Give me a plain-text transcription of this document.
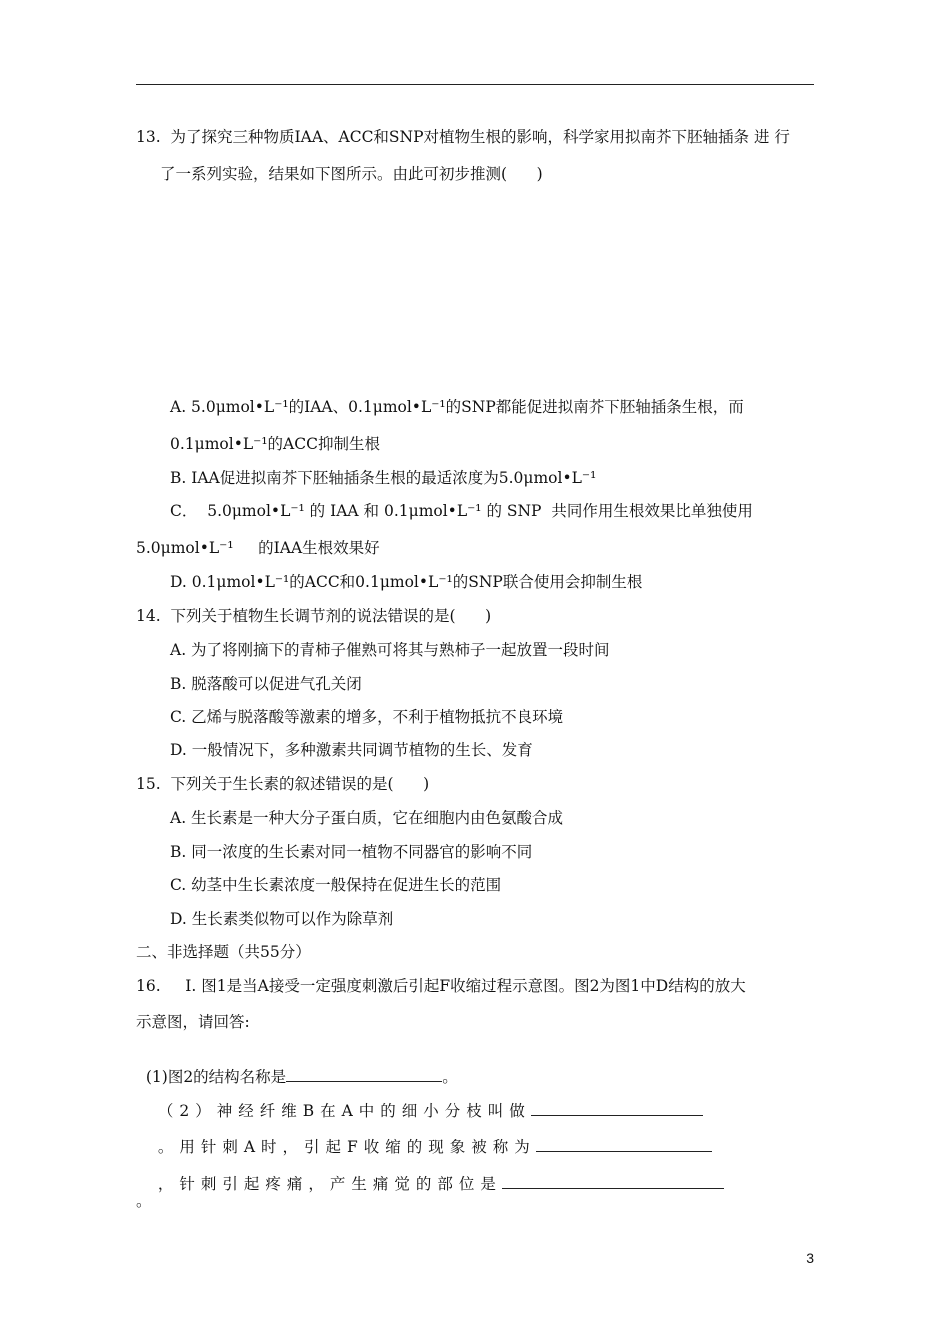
13.  为了探究三种物质IAA、ACC和SNP对植物生根的影响，科学家用拟南芥下胚轴插条 进 行
了一系列实验，结果如下图所示。由此可初步推测(      )
A. 5.0μmol•L⁻¹的IAA、0.1μmol•L⁻¹的SNP都能促进拟南芥下胚轴插条生根，而
0.1μmol•L⁻¹的ACC抑制生根
B. IAA促进拟南芥下胚轴插条生根的最适浓度为5.0μmol•L⁻¹
C．  5.0μmol•L⁻¹ 的 IAA 和 0.1μmol•L⁻¹ 的 SNP  共同作用生根效果比单独使用
5.0μmol•L⁻¹     的IAA生根效果好
D. 0.1μmol•L⁻¹的ACC和0.1μmol•L⁻¹的SNP联合使用会抑制生根
14.  下列关于植物生长调节剂的说法错误的是(      )
A. 为了将刚摘下的青柿子催熟可将其与熟柿子一起放置一段时间
B. 脱落酸可以促进气孔关闭
C. 乙烯与脱落酸等激素的增多，不利于植物抵抗不良环境
D. 一般情况下，多种激素共同调节植物的生长、发育
15.  下列关于生长素的叙述错误的是(      )
A. 生长素是一种大分子蛋白质，它在细胞内由色氨酸合成
B. 同一浓度的生长素对同一植物不同器官的影响不同
C. 幼茎中生长素浓度一般保持在促进生长的范围
D. 生长素类似物可以作为除草剂
二、非选择题（共55分）
16.     I. 图1是当A接受一定强度刺激后引起F收缩过程示意图。图2为图1中D结构的放大
示意图，请回答:

(1)图2的结构名称是	。

（2）神经纤维B在A中的细小分枝叫做

。用针刺A时，引起F收缩的现象被称为

，针刺引起疼痛，产生痛觉的部位是

。
3
